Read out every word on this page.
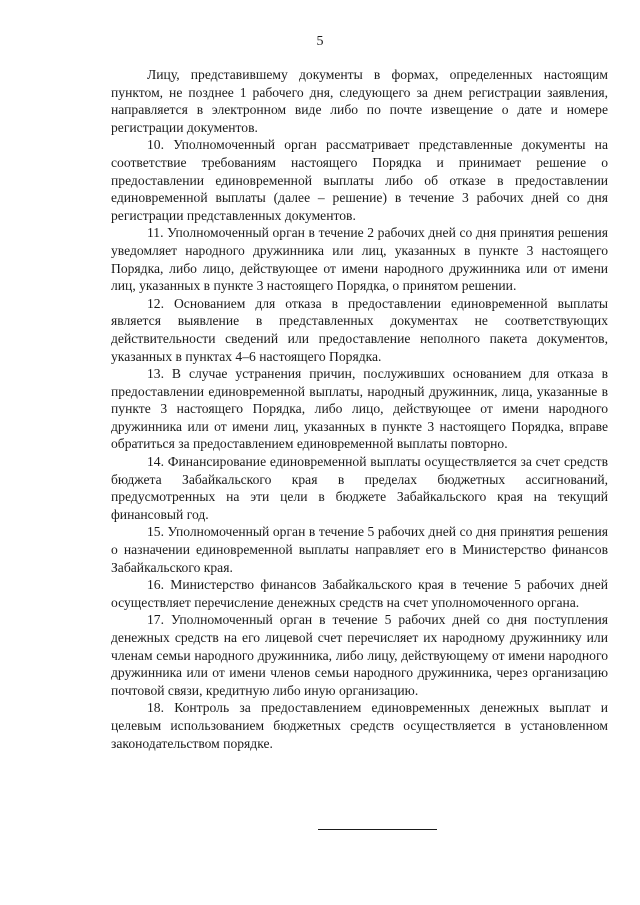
5

Лицу, представившему документы в формах, определенных настоящим пунктом, не позднее 1 рабочего дня, следующего за днем регистрации заявления, направляется в электронном виде либо по почте извещение о дате и номере регистрации документов.

10. Уполномоченный орган рассматривает представленные документы на соответствие требованиям настоящего Порядка и принимает решение о предоставлении единовременной выплаты либо об отказе в предоставлении единовременной выплаты (далее – решение) в течение 3 рабочих дней со дня регистрации представленных документов.

11. Уполномоченный орган в течение 2 рабочих дней со дня принятия решения уведомляет народного дружинника или лиц, указанных в пункте 3 настоящего Порядка, либо лицо, действующее от имени народного дружинника или от имени лиц, указанных в пункте 3 настоящего Порядка, о принятом решении.

12. Основанием для отказа в предоставлении единовременной выплаты является выявление в представленных документах не соответствующих действительности сведений или предоставление неполного пакета документов, указанных в пунктах 4–6 настоящего Порядка.

13. В случае устранения причин, послуживших основанием для отказа в предоставлении единовременной выплаты, народный дружинник, лица, указанные в пункте 3 настоящего Порядка, либо лицо, действующее от имени народного дружинника или от имени лиц, указанных в пункте 3 настоящего Порядка, вправе обратиться за предоставлением единовременной выплаты повторно.

14. Финансирование единовременной выплаты осуществляется за счет средств бюджета Забайкальского края в пределах бюджетных ассигнований, предусмотренных на эти цели в бюджете Забайкальского края на текущий финансовый год.

15. Уполномоченный орган в течение 5 рабочих дней со дня принятия решения о назначении единовременной выплаты направляет его в Министерство финансов Забайкальского края.

16. Министерство финансов Забайкальского края в течение 5 рабочих дней осуществляет перечисление денежных средств на счет уполномоченного органа.

17. Уполномоченный орган в течение 5 рабочих дней со дня поступления денежных средств на его лицевой счет перечисляет их народному дружиннику или членам семьи народного дружинника, либо лицу, действующему от имени народного дружинника или от имени членов семьи народного дружинника, через организацию почтовой связи, кредитную либо иную организацию.

18. Контроль за предоставлением единовременных денежных выплат и целевым использованием бюджетных средств осуществляется в установленном законодательством порядке.
